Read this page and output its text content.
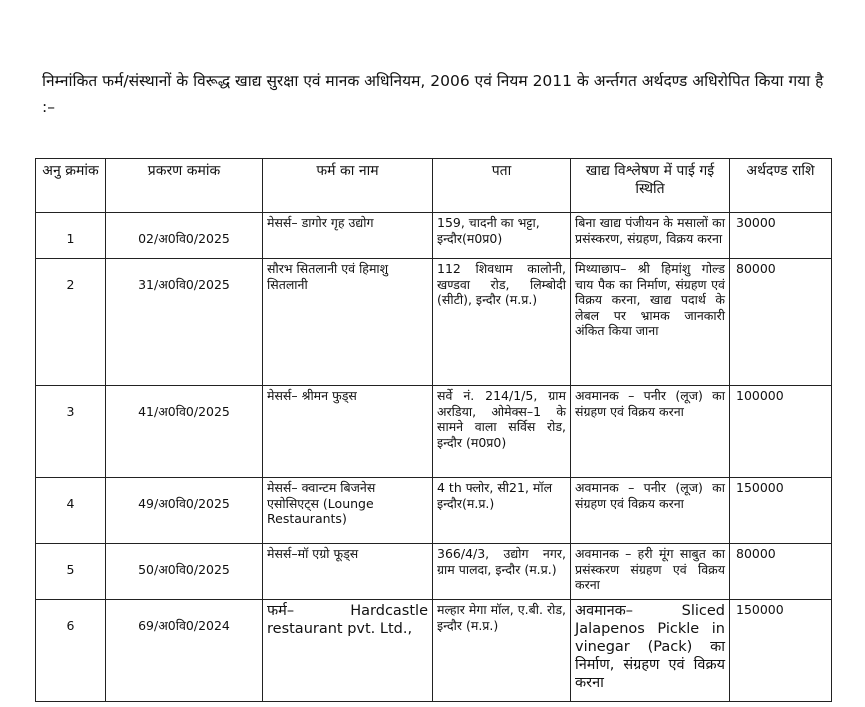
निम्नांकित फर्म/संस्थानों के विरूद्ध खाद्य सुरक्षा एवं मानक अधिनियम, 2006 एवं नियम 2011 के अर्न्तगत अर्थदण्ड अधिरोपित किया गया है :–
अनु क्रमांक	प्रकरण कमांक	फर्म का नाम	पता	खाद्य विश्लेषण में पाई गई स्थिति	अर्थदण्ड राशि
1	02/अ0वि0/2025	मेसर्स– डागोर गृह उद्योग	159, चादनी का भट्टा, इन्दौर(म0प्र0)	बिना खाद्य पंजीयन के मसालों का प्रसंस्करण, संग्रहण, विक्रय करना	30000
2	31/अ0वि0/2025	सौरभ सितलानी एवं हिमाशु सितलानी	112 शिवधाम कालोनी, खण्डवा रोड, लिम्बोदी (सीटी), इन्दौर (म.प्र.)	मिथ्याछाप– श्री हिमांशु गोल्ड चाय पैक का निर्माण, संग्रहण एवं विक्रय करना, खाद्य पदार्थ के लेबल पर भ्रामक जानकारी अंकित किया जाना	80000
3	41/अ0वि0/2025	मेसर्स– श्रीमन फुड्स	सर्वे नं. 214/1/5, ग्राम अरडिया, ओमेक्स–1 के सामने वाला सर्विस रोड, इन्दौर (म0प्र0)	अवमानक – पनीर (लूज) का संग्रहण एवं विक्रय करना	100000
4	49/अ0वि0/2025	मेसर्स– क्वान्टम बिजनेस एसोसिएट्स (Lounge Restaurants)	4 th फ्लोर, सी21, मॉल इन्दौर(म.प्र.)	अवमानक – पनीर (लूज) का संग्रहण एवं विक्रय करना	150000
5	50/अ0वि0/2025	मेसर्स–मॉ एग्रो फूड्स	366/4/3, उद्योग नगर, ग्राम पालदा, इन्दौर (म.प्र.)	अवमानक – हरी मूंग साबुत का प्रसंस्करण संग्रहण एवं विक्रय करना	80000
6	69/अ0वि0/2024	फर्म– Hardcastle restaurant pvt. Ltd.,	मल्हार मेगा मॉल, ए.बी. रोड, इन्दौर (म.प्र.)	अवमानक– Sliced Jalapenos Pickle in vinegar (Pack) का निर्माण, संग्रहण एवं विक्रय करना	150000
